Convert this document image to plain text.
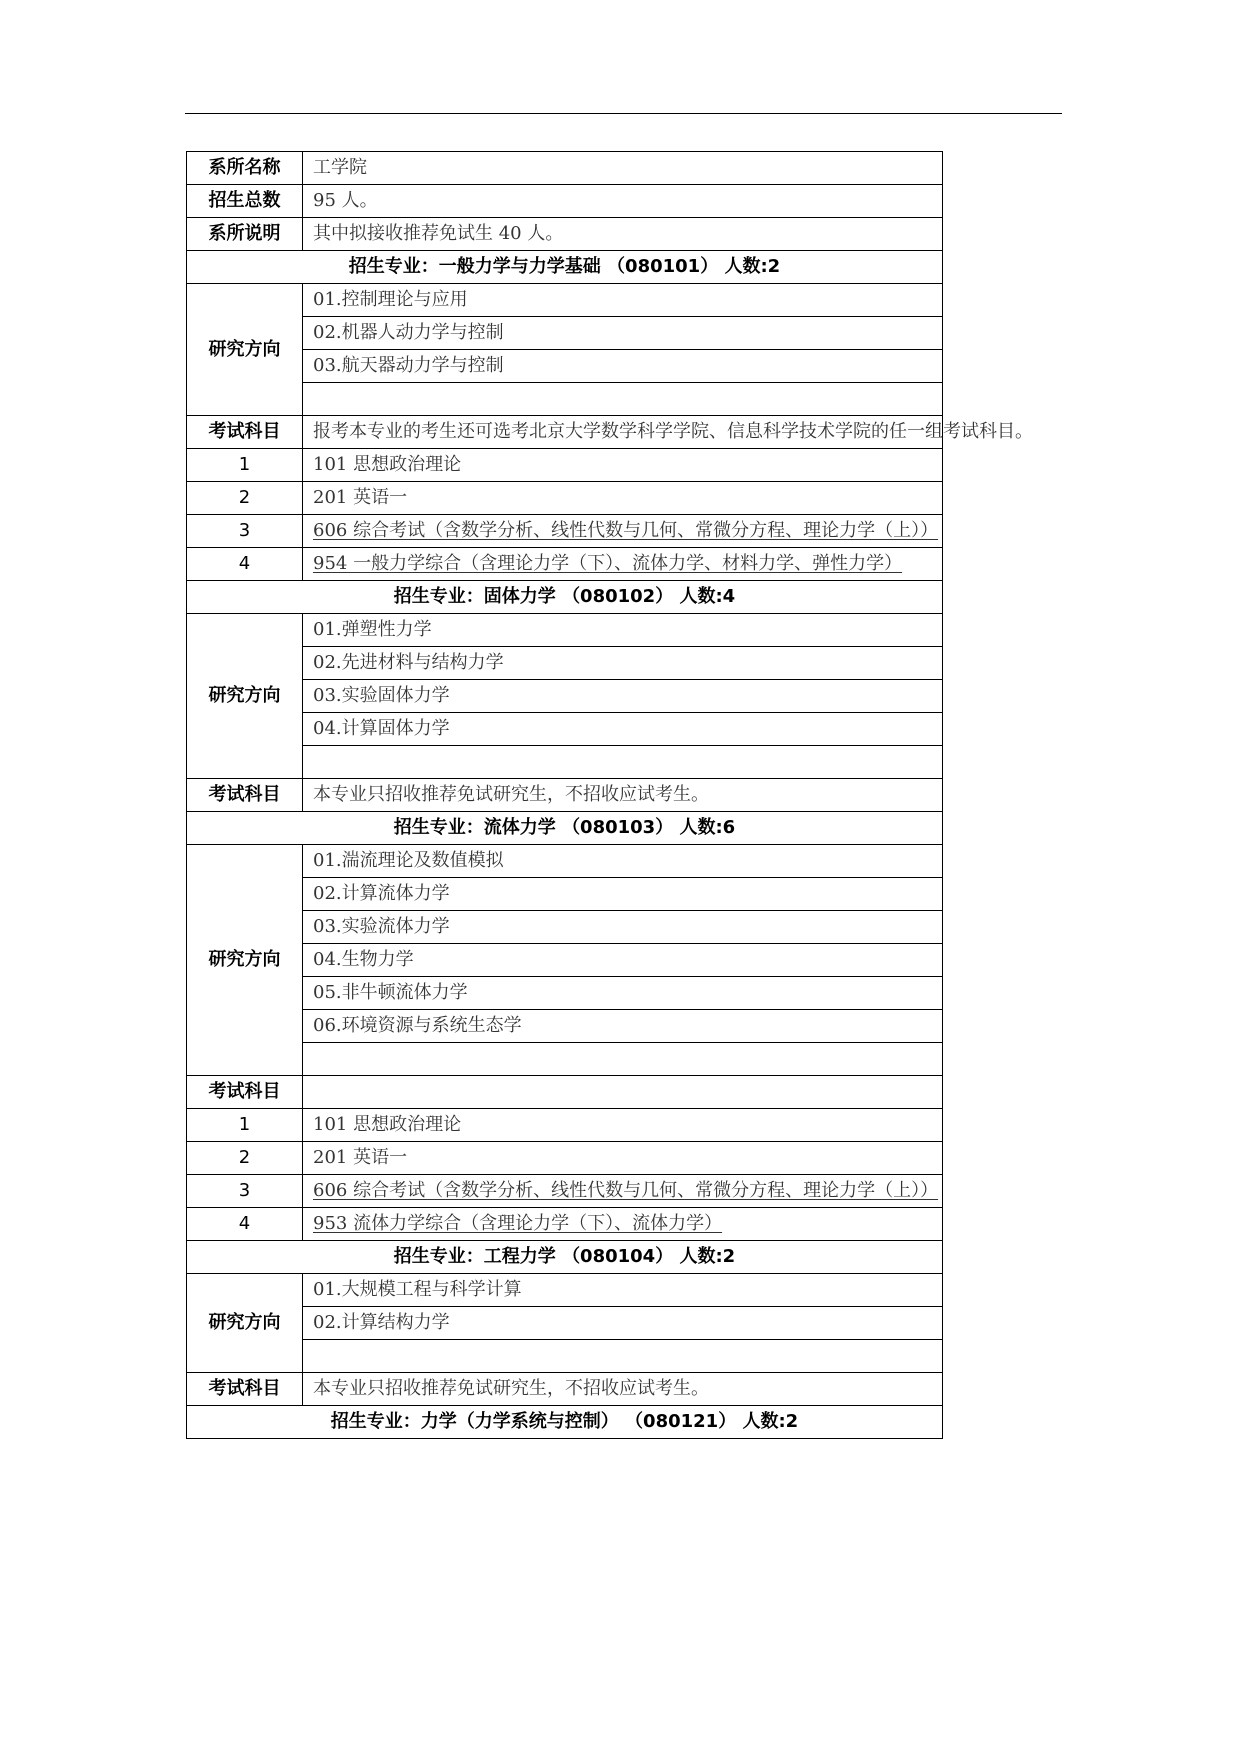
系所名称	工学院
招生总数	95 人。
系所说明	其中拟接收推荐免试生 40 人。
招生专业：一般力学与力学基础 （080101） 人数:2	
研究方向	01.控制理论与应用
	02.机器人动力学与控制
	03.航天器动力学与控制

考试科目	报考本专业的考生还可选考北京大学数学科学学院、信息科学技术学院的任一组考试科目。
1	101 思想政治理论
2	201 英语一
3	606 综合考试（含数学分析、线性代数与几何、常微分方程、理论力学（上））
4	954 一般力学综合（含理论力学（下）、流体力学、材料力学、弹性力学）
招生专业：固体力学 （080102） 人数:4	
研究方向	01.弹塑性力学
	02.先进材料与结构力学
	03.实验固体力学
	04.计算固体力学

考试科目	本专业只招收推荐免试研究生，不招收应试考生。
招生专业：流体力学 （080103） 人数:6	
研究方向	01.湍流理论及数值模拟
	02.计算流体力学
	03.实验流体力学
	04.生物力学
	05.非牛顿流体力学
	06.环境资源与系统生态学

考试科目	
1	101 思想政治理论
2	201 英语一
3	606 综合考试（含数学分析、线性代数与几何、常微分方程、理论力学（上））
4	953 流体力学综合（含理论力学（下）、流体力学）
招生专业：工程力学 （080104） 人数:2	
研究方向	01.大规模工程与科学计算
	02.计算结构力学

考试科目	本专业只招收推荐免试研究生，不招收应试考生。
招生专业：力学（力学系统与控制） （080121） 人数:2	
